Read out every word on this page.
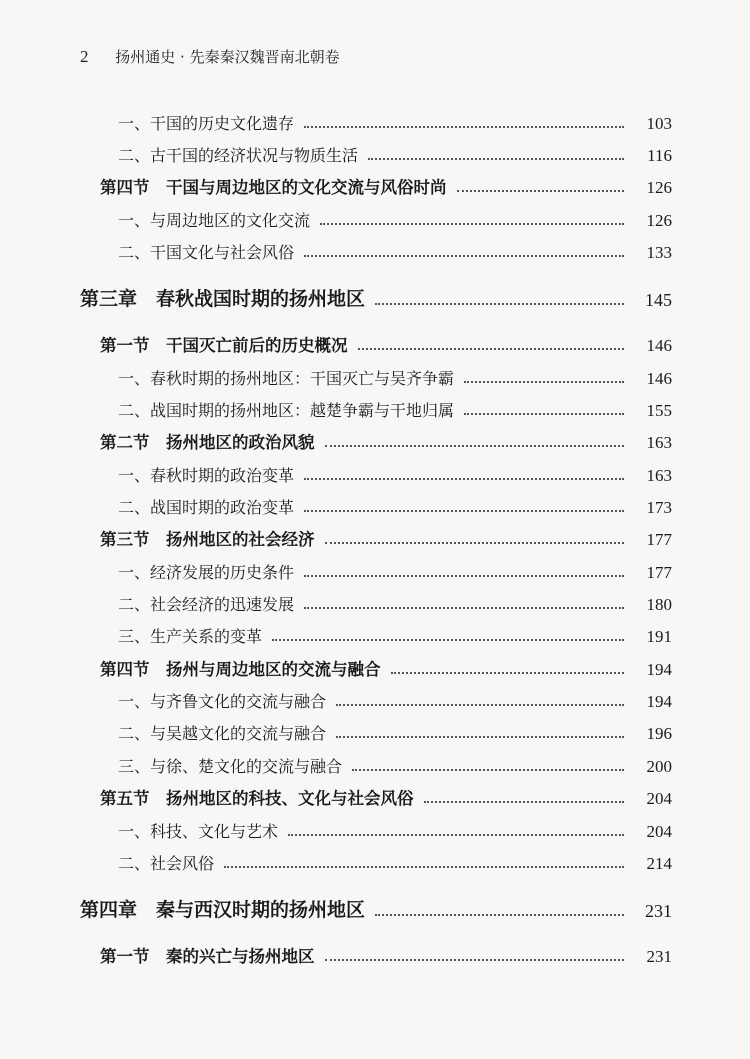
2 扬州通史 · 先秦秦汉魏晋南北朝卷
一、干国的历史文化遗存	103
二、古干国的经济状况与物质生活	116
第四节　干国与周边地区的文化交流与风俗时尚	126
一、与周边地区的文化交流	126
二、干国文化与社会风俗	133
第三章　春秋战国时期的扬州地区	145
第一节　干国灭亡前后的历史概况	146
一、春秋时期的扬州地区：干国灭亡与吴齐争霸	146
二、战国时期的扬州地区：越楚争霸与干地归属	155
第二节　扬州地区的政治风貌	163
一、春秋时期的政治变革	163
二、战国时期的政治变革	173
第三节　扬州地区的社会经济	177
一、经济发展的历史条件	177
二、社会经济的迅速发展	180
三、生产关系的变革	191
第四节　扬州与周边地区的交流与融合	194
一、与齐鲁文化的交流与融合	194
二、与吴越文化的交流与融合	196
三、与徐、楚文化的交流与融合	200
第五节　扬州地区的科技、文化与社会风俗	204
一、科技、文化与艺术	204
二、社会风俗	214
第四章　秦与西汉时期的扬州地区	231
第一节　秦的兴亡与扬州地区	231
